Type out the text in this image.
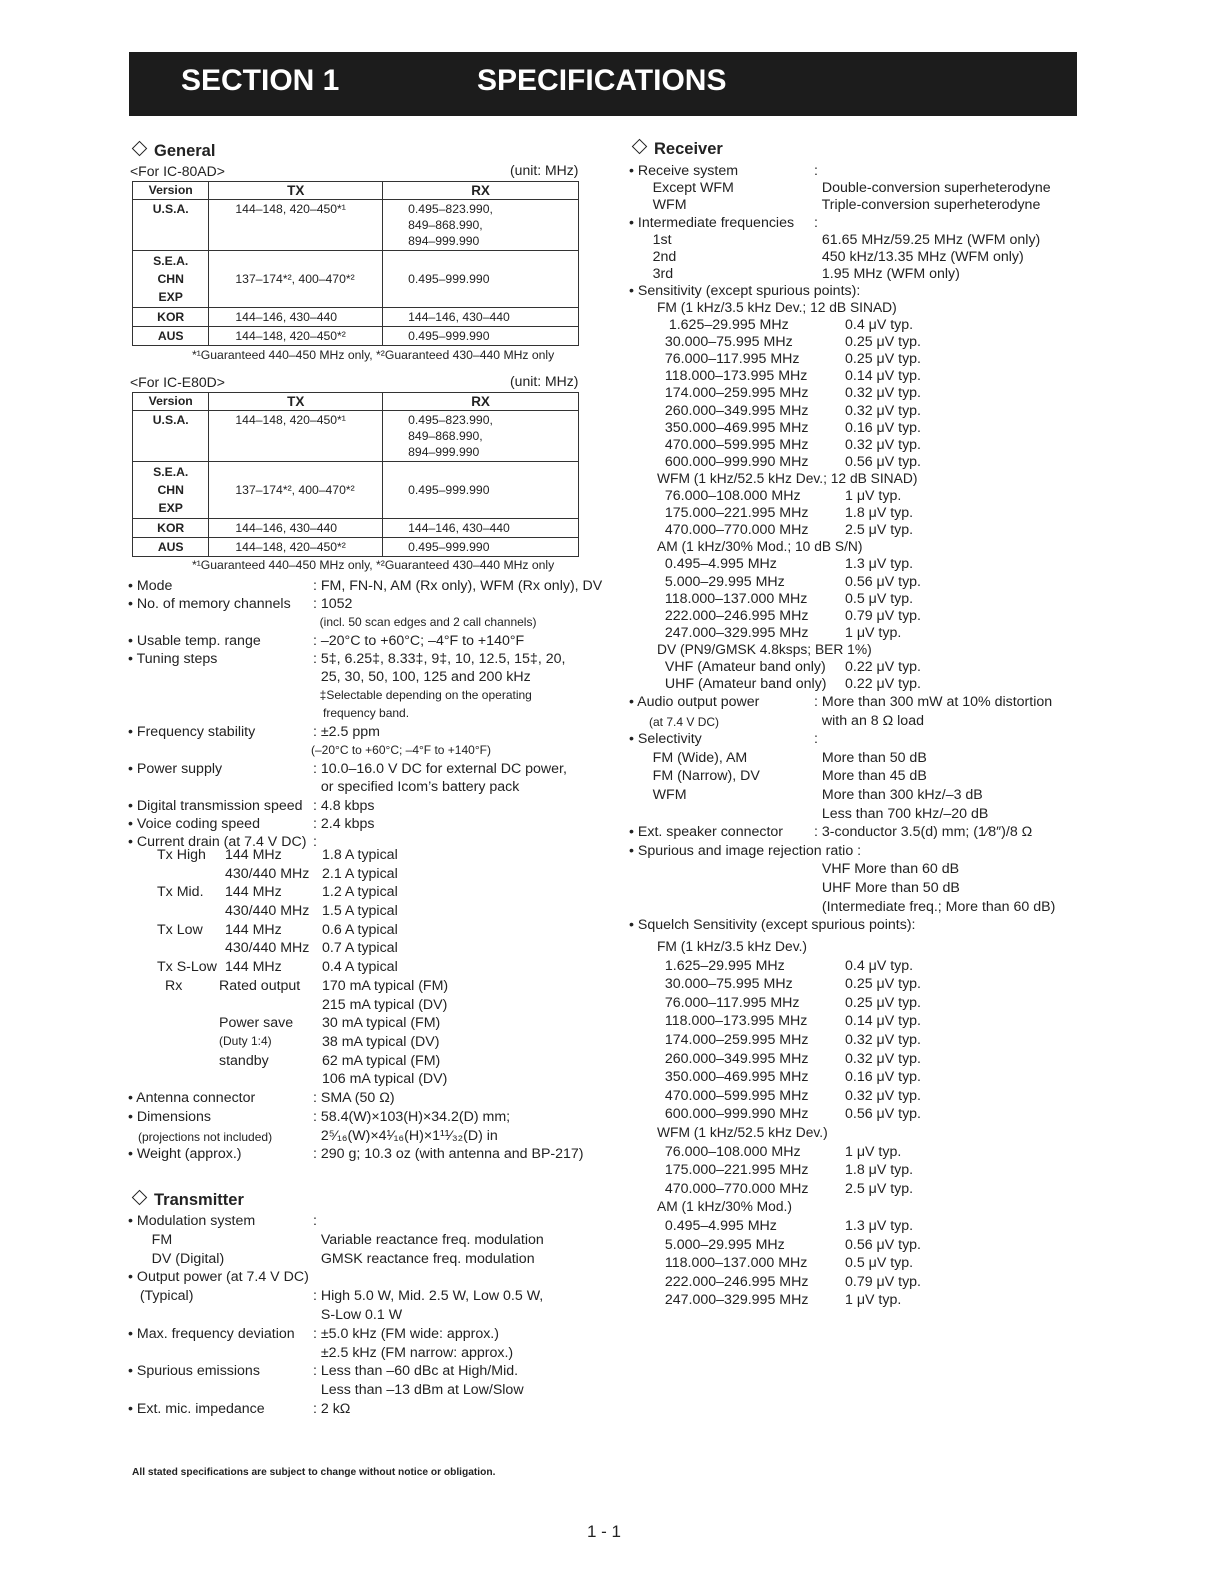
SECTION 1	SPECIFICATIONS
General
<For IC-80AD>	(unit: MHz)
Version	TX	RX
U.S.A.	144–148, 420–450*¹	0.495–823.990,
849–868.990,
894–999.990
S.E.A.
CHN
EXP	137–174*², 400–470*²	0.495–999.990
KOR	144–146, 430–440	144–146, 430–440
AUS	144–148, 420–450*²	0.495–999.990
*¹Guaranteed 440–450 MHz only, *²Guaranteed 430–440 MHz only
<For IC-E80D>	(unit: MHz)
Version	TX	RX
U.S.A.	144–148, 420–450*¹	0.495–823.990,
849–868.990,
894–999.990
S.E.A.
CHN
EXP	137–174*², 400–470*²	0.495–999.990
KOR	144–146, 430–440	144–146, 430–440
AUS	144–148, 420–450*²	0.495–999.990
*¹Guaranteed 440–450 MHz only, *²Guaranteed 430–440 MHz only
• Mode	: FM, FN-N, AM (Rx only), WFM (Rx only), DV
• No. of memory channels : 1052
(incl. 50 scan edges and 2 call channels)
• Usable temp. range	: –20°C to +60°C; –4°F to +140°F
• Tuning steps	: 5‡, 6.25‡, 8.33‡, 9‡, 10, 12.5, 15‡, 20,
25, 30, 50, 100, 125 and 200 kHz
‡Selectable depending on the operating
frequency band.
• Frequency stability	: ±2.5 ppm
(–20°C to +60°C; –4°F to +140°F)
• Power supply	: 10.0–16.0 V DC for external DC power,
or specified Icom’s battery pack
• Digital transmission speed : 4.8 kbps
• Voice coding speed	: 2.4 kbps
• Current drain (at 7.4 V DC) :
Tx High 144 MHz	1.8 A typical
430/440 MHz 2.1 A typical
Tx Mid. 144 MHz	1.2 A typical
430/440 MHz 1.5 A typical
Tx Low 144 MHz	0.6 A typical
430/440 MHz 0.7 A typical
Tx S-Low 144 MHz	0.4 A typical
Rx	Rated output 170 mA typical (FM)
215 mA typical (DV)
Power save 30 mA typical (FM)
(Duty 1:4)	38 mA typical (DV)
standby	62 mA typical (FM)
106 mA typical (DV)
• Antenna connector	: SMA (50 Ω)
• Dimensions	: 58.4(W)×103(H)×34.2(D) mm;
(projections not included)	2⁵⁄₁₆(W)×4¹⁄₁₆(H)×1¹¹⁄₃₂(D) in
• Weight (approx.)	: 290 g; 10.3 oz (with antenna and BP-217)
Transmitter
• Modulation system	:
FM	Variable reactance freq. modulation
DV (Digital)	GMSK reactance freq. modulation
• Output power (at 7.4 V DC)
(Typical)	: High 5.0 W, Mid. 2.5 W, Low 0.5 W,
S-Low 0.1 W
• Max. frequency deviation : ±5.0 kHz (FM wide: approx.)
±2.5 kHz (FM narrow: approx.)
• Spurious emissions	: Less than –60 dBc at High/Mid.
Less than –13 dBm at Low/Slow
• Ext. mic. impedance	: 2 kΩ
Receiver
• Receive system	:
Except WFM	Double-conversion superheterodyne
WFM	Triple-conversion superheterodyne
• Intermediate frequencies :
1st	61.65 MHz/59.25 MHz (WFM only)
2nd	450 kHz/13.35 MHz (WFM only)
3rd	1.95 MHz (WFM only)
• Sensitivity (except spurious points):
FM (1 kHz/3.5 kHz Dev.; 12 dB SINAD)
1.625–29.995 MHz	0.4 μV typ.
30.000–75.995 MHz	0.25 μV typ.
76.000–117.995 MHz	0.25 μV typ.
118.000–173.995 MHz	0.14 μV typ.
174.000–259.995 MHz	0.32 μV typ.
260.000–349.995 MHz	0.32 μV typ.
350.000–469.995 MHz	0.16 μV typ.
470.000–599.995 MHz	0.32 μV typ.
600.000–999.990 MHz	0.56 μV typ.
WFM (1 kHz/52.5 kHz Dev.; 12 dB SINAD)
76.000–108.000 MHz	1 μV typ.
175.000–221.995 MHz	1.8 μV typ.
470.000–770.000 MHz	2.5 μV typ.
AM (1 kHz/30% Mod.; 10 dB S/N)
0.495–4.995 MHz	1.3 μV typ.
5.000–29.995 MHz	0.56 μV typ.
118.000–137.000 MHz	0.5 μV typ.
222.000–246.995 MHz	0.79 μV typ.
247.000–329.995 MHz	1 μV typ.
DV (PN9/GMSK 4.8ksps; BER 1%)
VHF (Amateur band only) 0.22 μV typ.
UHF (Amateur band only) 0.22 μV typ.
• Audio output power	: More than 300 mW at 10% distortion
(at 7.4 V DC)	with an 8 Ω load
• Selectivity	:
FM (Wide), AM	More than 50 dB
FM (Narrow), DV	More than 45 dB
WFM	More than 300 kHz/–3 dB
Less than 700 kHz/–20 dB
• Ext. speaker connector : 3-conductor 3.5(d) mm; (1⁄8″)/8 Ω
• Spurious and image rejection ratio :
VHF More than 60 dB
UHF More than 50 dB
(Intermediate freq.; More than 60 dB)
• Squelch Sensitivity (except spurious points):
FM (1 kHz/3.5 kHz Dev.)
1.625–29.995 MHz	0.4 μV typ.
30.000–75.995 MHz	0.25 μV typ.
76.000–117.995 MHz	0.25 μV typ.
118.000–173.995 MHz	0.14 μV typ.
174.000–259.995 MHz	0.32 μV typ.
260.000–349.995 MHz	0.32 μV typ.
350.000–469.995 MHz	0.16 μV typ.
470.000–599.995 MHz	0.32 μV typ.
600.000–999.990 MHz	0.56 μV typ.
WFM (1 kHz/52.5 kHz Dev.)
76.000–108.000 MHz	1 μV typ.
175.000–221.995 MHz	1.8 μV typ.
470.000–770.000 MHz	2.5 μV typ.
AM (1 kHz/30% Mod.)
0.495–4.995 MHz	1.3 μV typ.
5.000–29.995 MHz	0.56 μV typ.
118.000–137.000 MHz	0.5 μV typ.
222.000–246.995 MHz	0.79 μV typ.
247.000–329.995 MHz	1 μV typ.
All stated specifications are subject to change without notice or obligation.
1 - 1
